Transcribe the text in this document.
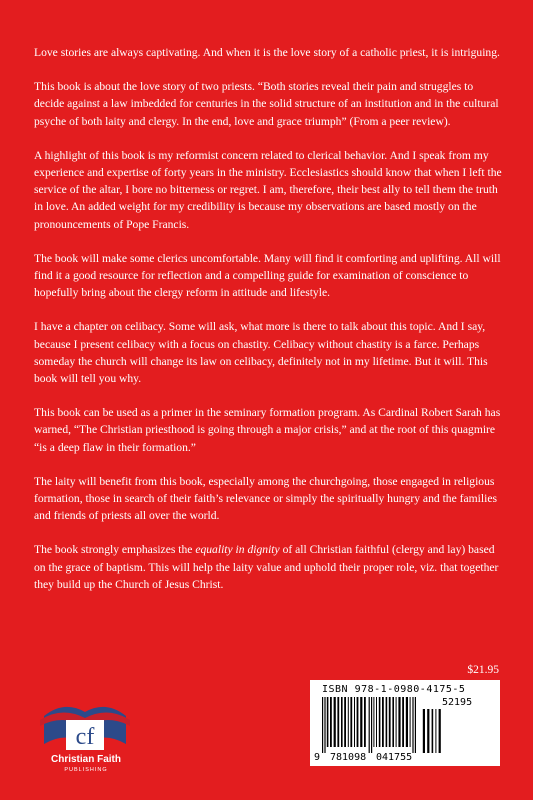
Love stories are always captivating. And when it is the love story of a catholic priest, it is intriguing.

This book is about the love story of two priests. “Both stories reveal their pain and struggles to decide against a law imbedded for centuries in the solid structure of an institution and in the cultural psyche of both laity and clergy. In the end, love and grace triumph” (From a peer review).

A highlight of this book is my reformist concern related to clerical behavior. And I speak from my experience and expertise of forty years in the ministry. Ecclesiastics should know that when I left the service of the altar, I bore no bitterness or regret. I am, therefore, their best ally to tell them the truth in love. An added weight for my credibility is because my observations are based mostly on the pronouncements of Pope Francis.

The book will make some clerics uncomfortable. Many will find it comforting and uplifting. All will find it a good resource for reflection and a compelling guide for examination of conscience to hopefully bring about the clergy reform in attitude and lifestyle.

I have a chapter on celibacy. Some will ask, what more is there to talk about this topic. And I say, because I present celibacy with a focus on chastity. Celibacy without chastity is a farce. Perhaps someday the church will change its law on celibacy, definitely not in my lifetime. But it will. This book will tell you why.

This book can be used as a primer in the seminary formation program. As Cardinal Robert Sarah has warned, “The Christian priesthood is going through a major crisis,” and at the root of this quagmire “is a deep flaw in their formation.”

The laity will benefit from this book, especially among the churchgoing, those engaged in religious formation, those in search of their faith’s relevance or simply the spiritually hungry and the families and friends of priests all over the world.

The book strongly emphasizes the equality in dignity of all Christian faithful (clergy and lay) based on the grace of baptism. This will help the laity value and uphold their proper role, viz. that together they build up the Church of Jesus Christ.

$21.95
ISBN 978-1-0980-4175-5
52195
9 781098 041755
cf
Christian Faith
PUBLISHING
